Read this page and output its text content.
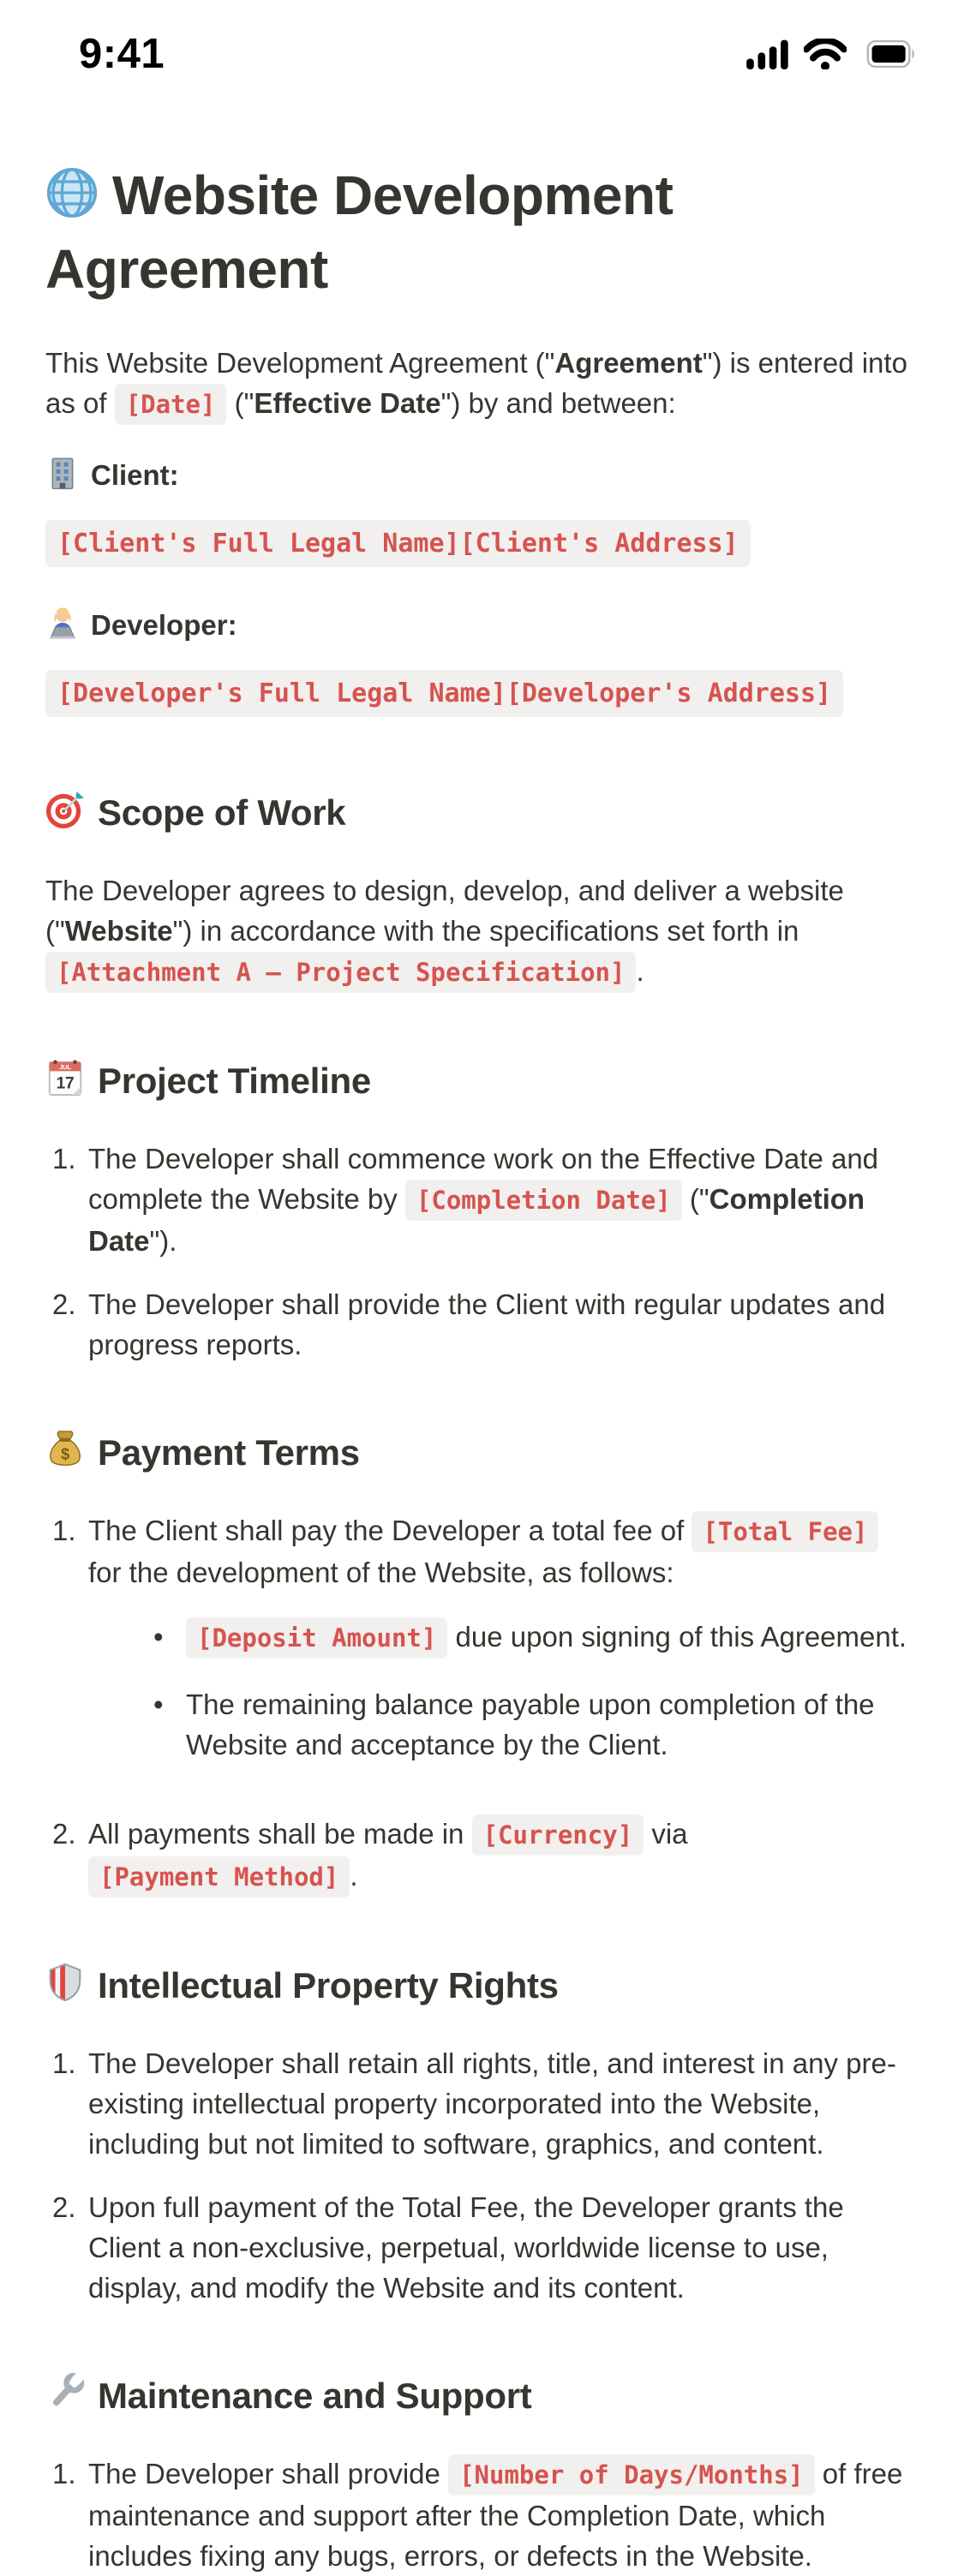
9:41
Website Development Agreement

This Website Development Agreement ("Agreement") is entered into as of [Date] ("Effective Date") by and between:

Client:

[Client's Full Legal Name][Client's Address]

Developer:

[Developer's Full Legal Name][Developer's Address]

Scope of Work

The Developer agrees to design, develop, and deliver a website ("Website") in accordance with the specifications set forth in [Attachment A — Project Specification] .

JUL
17 Project Timeline
1. The Developer shall commence work on the Effective Date and complete the Website by [Completion Date] ("Completion Date").
2. The Developer shall provide the Client with regular updates and progress reports.
$ Payment Terms
1. The Client shall pay the Developer a total fee of [Total Fee] for the development of the Website, as follows:
•	[Deposit Amount] due upon signing of this Agreement.
• The remaining balance payable upon completion of the Website and acceptance by the Client.
2. All payments shall be made in [Currency] via [Payment Method] .
Intellectual Property Rights
1. The Developer shall retain all rights, title, and interest in any pre-existing intellectual property incorporated into the Website, including but not limited to software, graphics, and content.
2. Upon full payment of the Total Fee, the Developer grants the Client a non-exclusive, perpetual, worldwide license to use, display, and modify the Website and its content.
Maintenance and Support
1. The Developer shall provide [Number of Days/Months] of free maintenance and support after the Completion Date, which includes fixing any bugs, errors, or defects in the Website.
